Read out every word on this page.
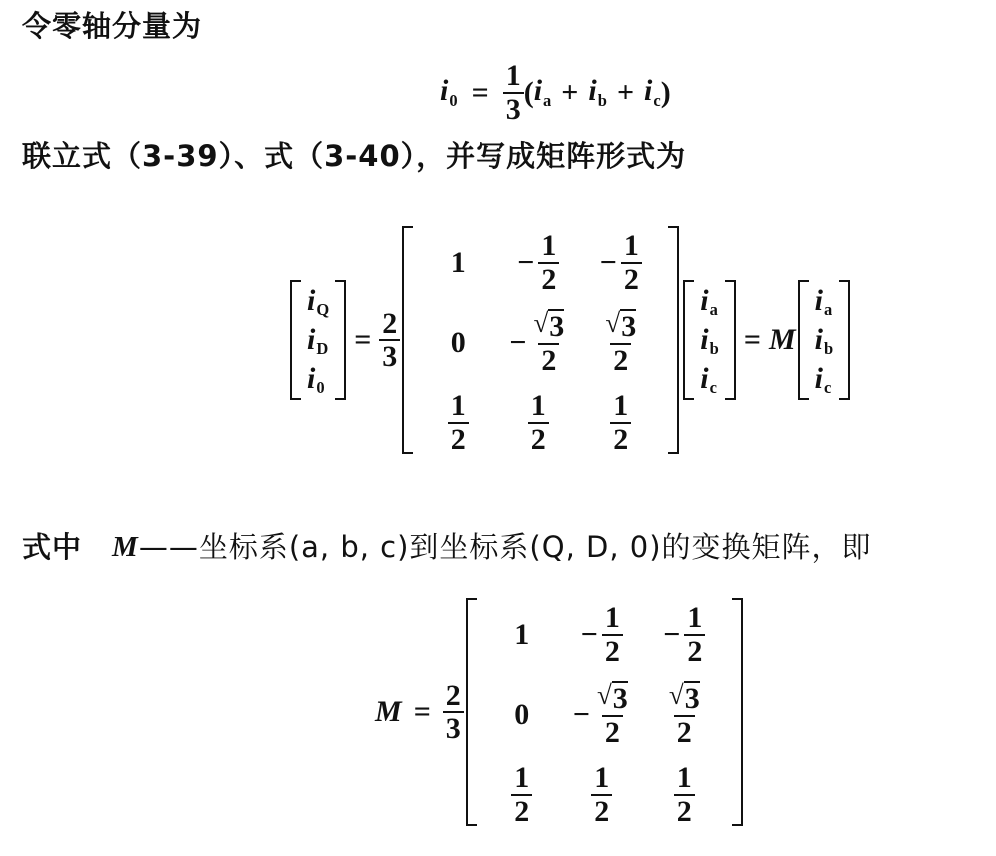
令零轴分量为
$i_0 = \frac{1}{3}$ ( $i_a + i_b + i_c$ )
联立式（3-39）、式（3-40），并写成矩阵形式为
$i_Q$
$i_D$
$i_0$
= $\frac{2}{3}$
$1 - \frac{1}{2} - \frac{1}{2}$
$0 - \frac{√ 3}{2} \frac{√ 3}{2}$
$\frac{1}{2} \frac{1}{2} \frac{1}{2}$
$i_a$
$i_b$
$i_c$
= M
$i_a$
$i_b$
$i_c$
式中 M ——坐标系(a, b, c)到坐标系(Q, D, 0)的变换矩阵，即
$M = \frac{2}{3}$
$1 - \frac{1}{2} - \frac{1}{2}$
$0 - \frac{√ 3}{2} \frac{√ 3}{2}$
$\frac{1}{2} \frac{1}{2} \frac{1}{2}$
